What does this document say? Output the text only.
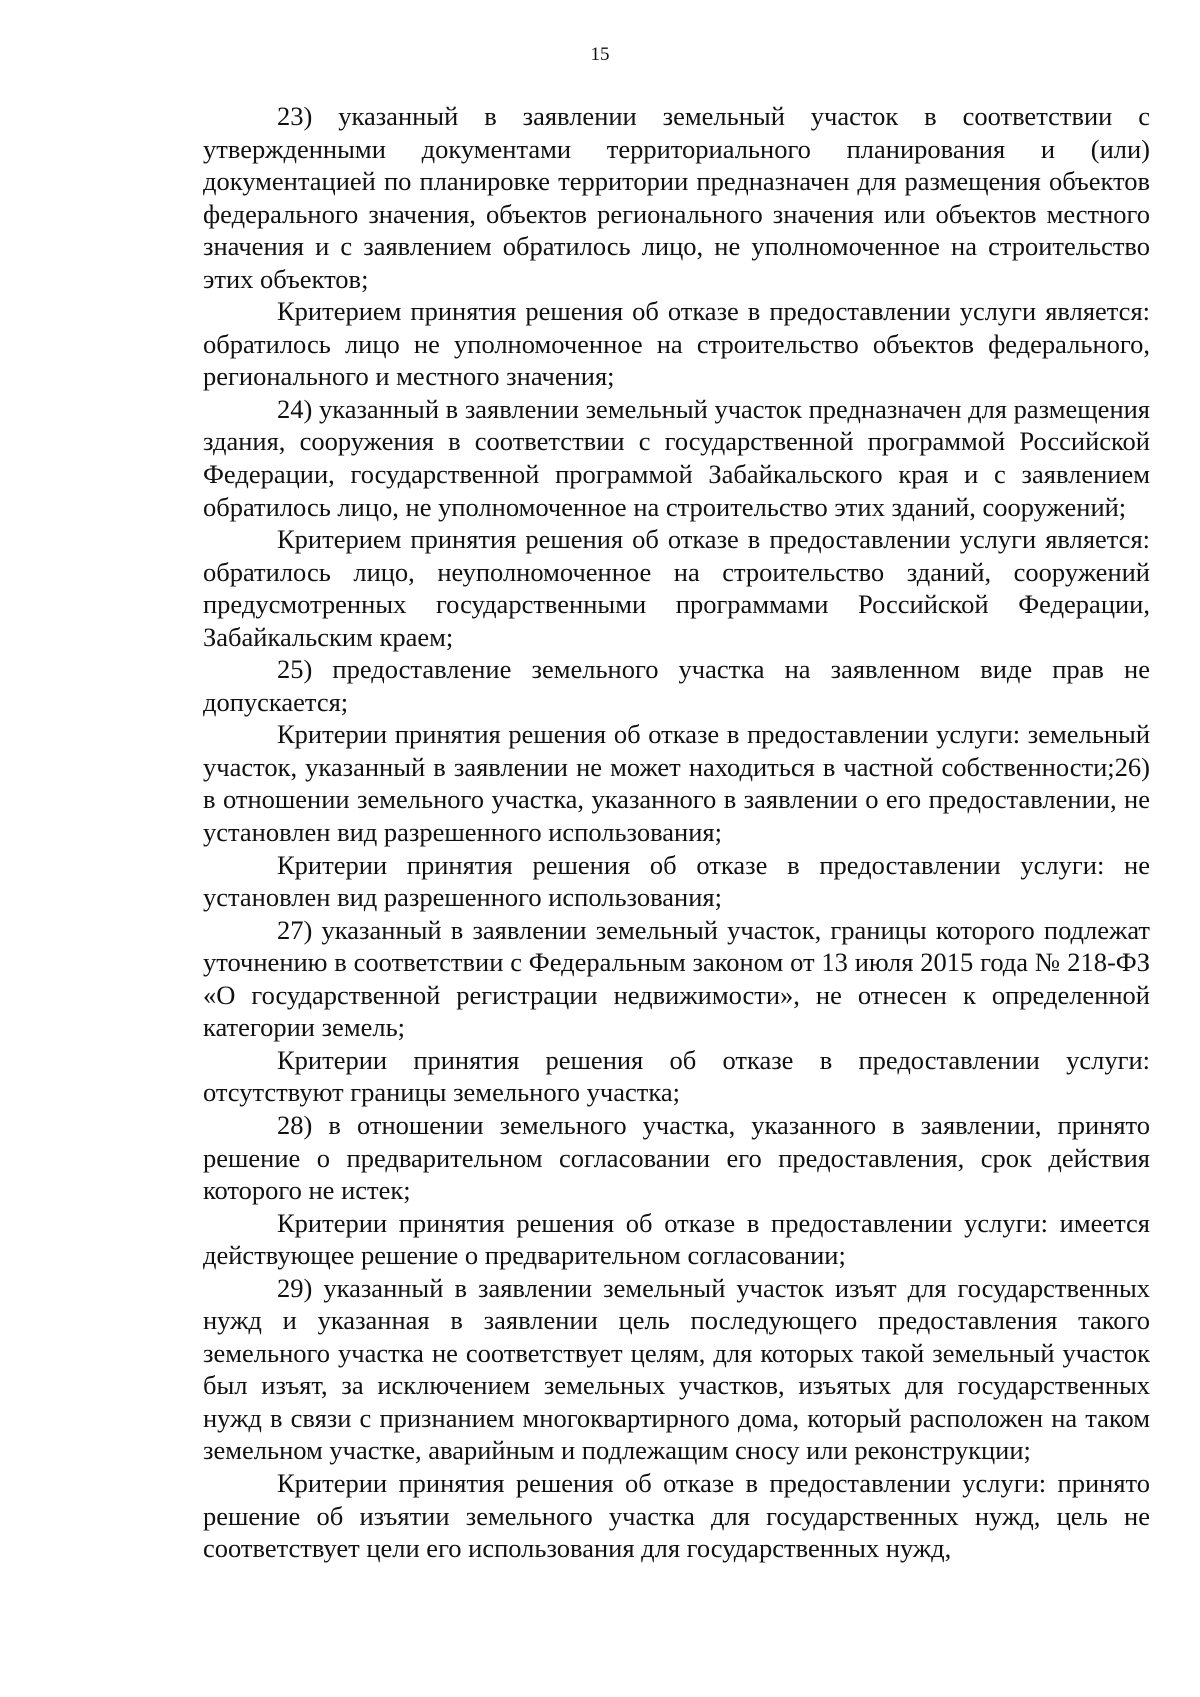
15

23) указанный в заявлении земельный участок в соответствии с утвержденными документами территориального планирования и (или) документацией по планировке территории предназначен для размещения объектов федерального значения, объектов регионального значения или объектов местного значения и с заявлением обратилось лицо, не уполномоченное на строительство этих объектов;

Критерием принятия решения об отказе в предоставлении услуги является: обратилось лицо не уполномоченное на строительство объектов федерального, регионального и местного значения;

24) указанный в заявлении земельный участок предназначен для размещения здания, сооружения в соответствии с государственной программой Российской Федерации, государственной программой Забайкальского края и с заявлением обратилось лицо, не уполномоченное на строительство этих зданий, сооружений;

Критерием принятия решения об отказе в предоставлении услуги является: обратилось лицо, неуполномоченное на строительство зданий, сооружений предусмотренных государственными программами Российской Федерации, Забайкальским краем;

25) предоставление земельного участка на заявленном виде прав не допускается;

Критерии принятия решения об отказе в предоставлении услуги: земельный участок, указанный в заявлении не может находиться в частной собственности;26) в отношении земельного участка, указанного в заявлении о его предоставлении, не установлен вид разрешенного использования;

Критерии принятия решения об отказе в предоставлении услуги: не установлен вид разрешенного использования;

27) указанный в заявлении земельный участок, границы которого подлежат уточнению в соответствии с Федеральным законом от 13 июля 2015 года № 218-ФЗ «О государственной регистрации недвижимости», не отнесен к определенной категории земель;

Критерии принятия решения об отказе в предоставлении услуги: отсутствуют границы земельного участка;

28) в отношении земельного участка, указанного в заявлении, принято решение о предварительном согласовании его предоставления, срок действия которого не истек;

Критерии принятия решения об отказе в предоставлении услуги: имеется действующее решение о предварительном согласовании;

29) указанный в заявлении земельный участок изъят для государственных нужд и указанная в заявлении цель последующего предоставления такого земельного участка не соответствует целям, для которых такой земельный участок был изъят, за исключением земельных участков, изъятых для государственных нужд в связи с признанием многоквартирного дома, который расположен на таком земельном участке, аварийным и подлежащим сносу или реконструкции;

Критерии принятия решения об отказе в предоставлении услуги: принято решение об изъятии земельного участка для государственных нужд, цель не соответствует цели его использования для государственных нужд,
